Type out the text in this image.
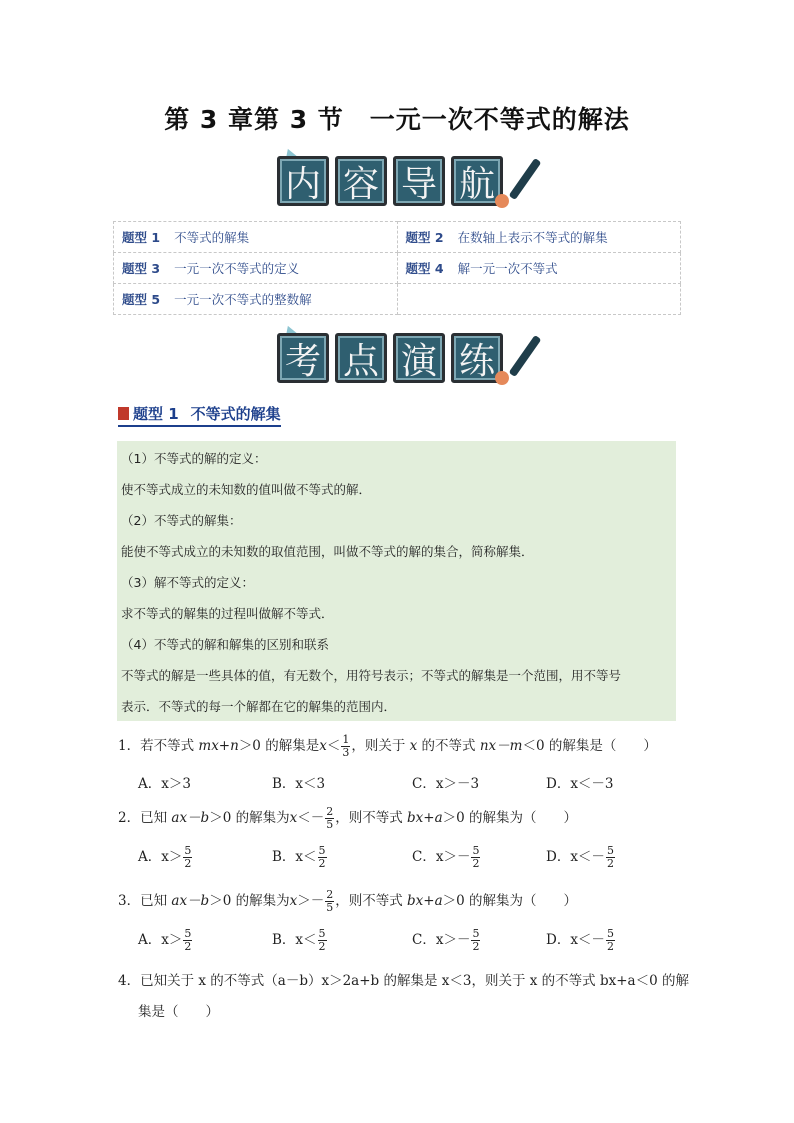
第 3 章第 3 节　一元一次不等式的解法
内 容 导 航
题型 1 不等式的解集	题型 2 在数轴上表示不等式的解集
题型 3 一元一次不等式的定义	题型 4 解一元一次不等式
题型 5 一元一次不等式的整数解	
考 点 演 练
题型 1 不等式的解集
（1）不等式的解的定义：
使不等式成立的未知数的值叫做不等式的解．
（2）不等式的解集：
能使不等式成立的未知数的取值范围，叫做不等式的解的集合，简称解集．
（3）解不等式的定义：
求不等式的解集的过程叫做解不等式．
（4）不等式的解和解集的区别和联系
不等式的解是一些具体的值，有无数个，用符号表示；不等式的解集是一个范围，用不等号
表示．不等式的每一个解都在它的解集的范围内．
1．若不等式 mx+n＞0 的解集是$x< \frac{1}{3}$ ，则关于 x 的不等式 nx－m＜0 的解集是（　　）
A．x＞3	B．x＜3	C．x＞－3	D．x＜－3
2．已知 ax－b＞0 的解集为$x<- \frac{2}{5}$ ，则不等式 bx+a＞0 的解集为（　　）
A．$x> \frac{5}{2}$	B．$x< \frac{5}{2}$	C．$x>- \frac{5}{2}$	D．$x<- \frac{5}{2}$
3．已知 ax－b＞0 的解集为$x>- \frac{2}{5}$ ，则不等式 bx+a＞0 的解集为（　　）
A．$x> \frac{5}{2}$	B．$x< \frac{5}{2}$	C．$x>- \frac{5}{2}$	D．$x<- \frac{5}{2}$
4．已知关于 x 的不等式（a－b）x＞2a+b 的解集是 x＜3，则关于 x 的不等式 bx+a＜0 的解
集是（　　）
